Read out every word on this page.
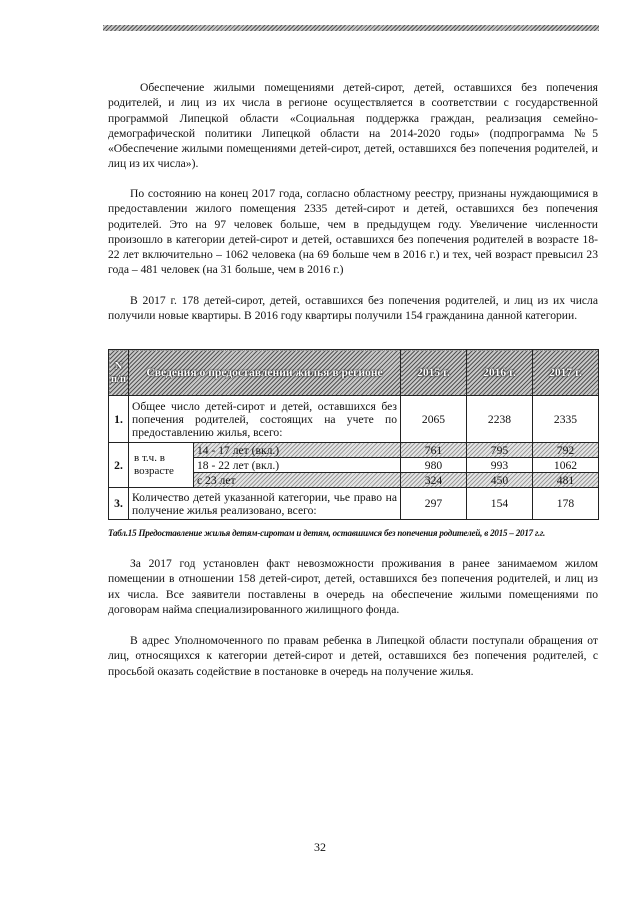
Обеспечение жилыми помещениями детей-сирот, детей, оставшихся без попечения родителей, и лиц из их числа в регионе осуществляется в соответствии с государственной программой Липецкой области «Социальная поддержка граждан, реализация семейно-демографической политики Липецкой области на 2014-2020 годы» (подпрограмма №5 «Обеспечение жилыми помещениями детей-сирот, детей, оставшихся без попечения родителей, и лиц из их числа»).

По состоянию на конец 2017 года, согласно областному реестру, признаны нуждающимися в предоставлении жилого помещения 2335 детей-сирот и детей, оставшихся без попечения родителей. Это на 97 человек больше, чем в предыдущем году. Увеличение численности произошло в категории детей-сирот и детей, оставшихся без попечения родителей в возрасте 18-22 лет включительно – 1062 человека (на 69 больше чем в 2016 г.) и тех, чей возраст превысил 23 года – 481 человек (на 31 больше, чем в 2016 г.)

В 2017 г. 178 детей-сирот, детей, оставшихся без попечения родителей, и лиц из их числа получили новые квартиры. В 2016 году квартиры получили 154 гражданина данной категории.

N п/п	Сведения о предоставлении жилья в регионе		2015 г.	2016 г.	2017 г.
1.	Общее число детей-сирот и детей, оставшихся без попечения родителей, состоящих на учете по предоставлению жилья, всего:		2065	2238	2335
2.	в т.ч. в возрасте	14 - 17 лет (вкл.)	761	795	792
		18 - 22 лет (вкл.)	980	993	1062
		с 23 лет	324	450	481
3.	Количество детей указанной категории, чье право на получение жилья реализовано, всего:		297	154	178
Табл.15 Предоставление жилья детям-сиротам и детям, оставшимся без попечения родителей, в 2015 – 2017 г.г.

За 2017 год установлен факт невозможности проживания в ранее занимаемом жилом помещении в отношении 158 детей-сирот, детей, оставшихся без попечения родителей, и лиц из их числа. Все заявители поставлены в очередь на обеспечение жилыми помещениями по договорам найма специализированного жилищного фонда.

В адрес Уполномоченного по правам ребенка в Липецкой области поступали обращения от лиц, относящихся к категории детей-сирот и детей, оставшихся без попечения родителей, с просьбой оказать содействие в постановке в очередь на получение жилья.

32
